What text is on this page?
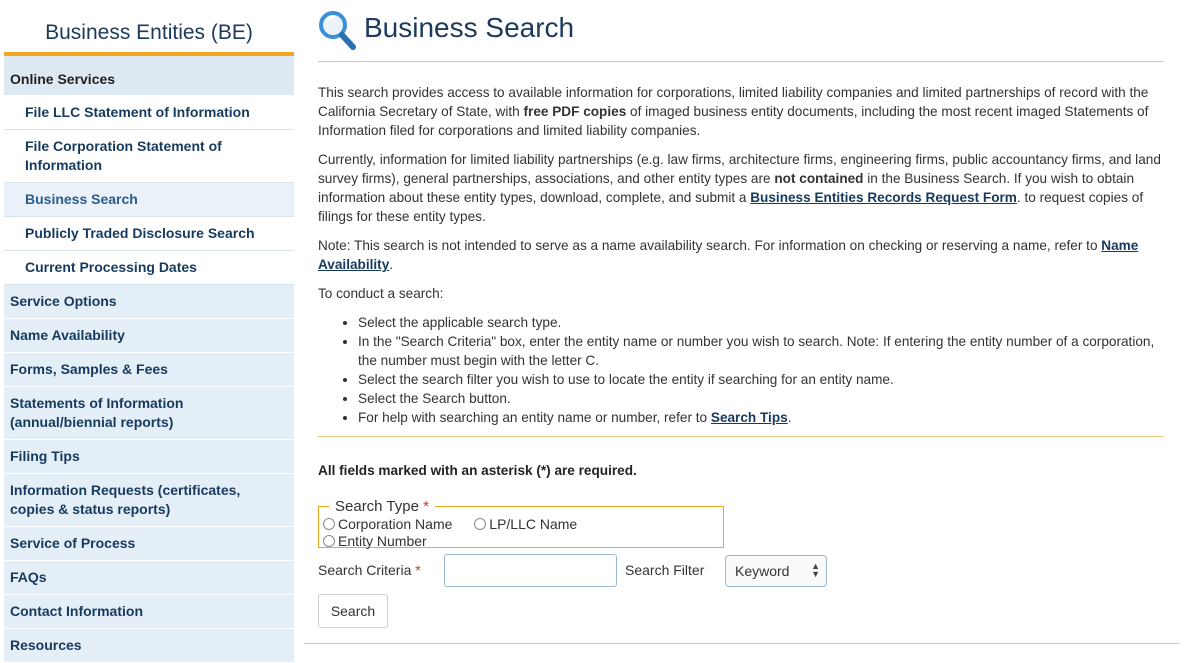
Business Entities (BE)
Online Services
File LLC Statement of Information
File Corporation Statement of Information
Business Search
Publicly Traded Disclosure Search
Current Processing Dates
Service Options
Name Availability
Forms, Samples & Fees
Statements of Information (annual/biennial reports)
Filing Tips
Information Requests (certificates, copies & status reports)
Service of Process
FAQs
Contact Information
Resources
Business Search

This search provides access to available information for corporations, limited liability companies and limited partnerships of record with the California Secretary of State, with free PDF copies of imaged business entity documents, including the most recent imaged Statements of Information filed for corporations and limited liability companies.

Currently, information for limited liability partnerships (e.g. law firms, architecture firms, engineering firms, public accountancy firms, and land survey firms), general partnerships, associations, and other entity types are not contained in the Business Search. If you wish to obtain information about these entity types, download, complete, and submit a Business Entities Records Request Form. to request copies of filings for these entity types.

Note: This search is not intended to serve as a name availability search. For information on checking or reserving a name, refer to Name Availability.

To conduct a search:

• Select the applicable search type.
• In the "Search Criteria" box, enter the entity name or number you wish to search. Note: If entering the entity number of a corporation, the number must begin with the letter C.
• Select the search filter you wish to use to locate the entity if searching for an entity name.
• Select the Search button.
• For help with searching an entity name or number, refer to Search Tips.
All fields marked with an asterisk (*) are required.
Search Type *
Corporation Name
	LP/LLC Name

Entity Number
Search Criteria *	Search Filter	Keyword ▲
▼
Search
